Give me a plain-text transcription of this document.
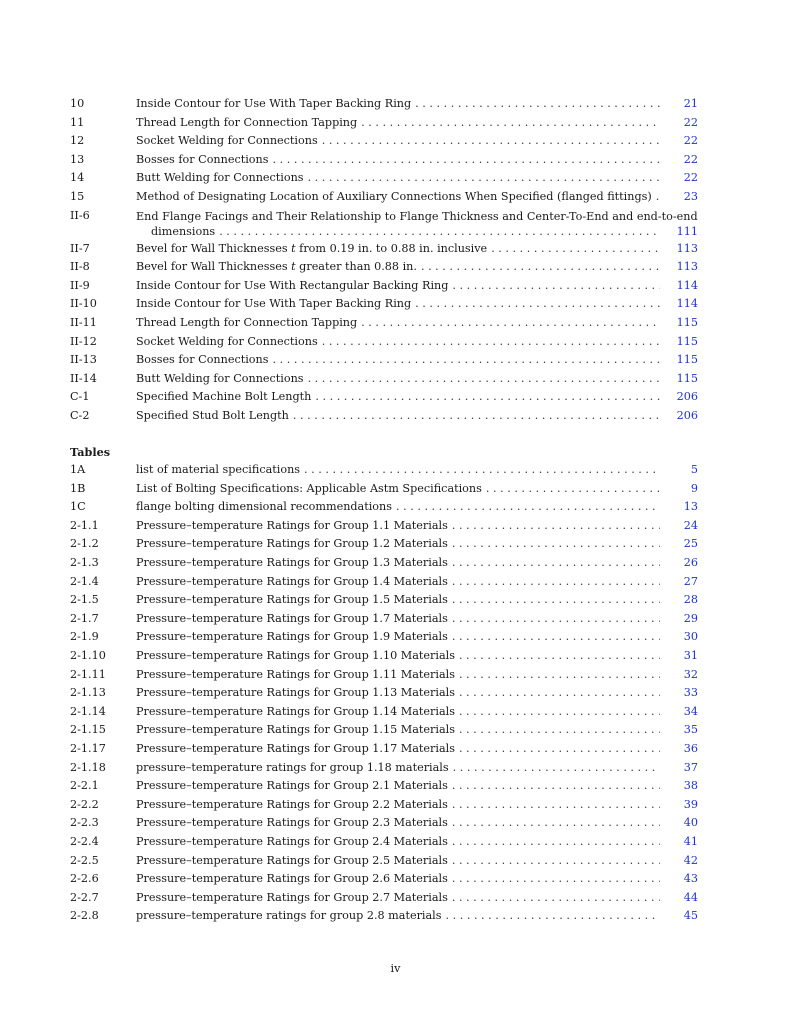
10	Inside Contour for Use With Taper Backing Ring . . .	21
11	Thread Length for Connection Tapping . . .	22
12	Socket Welding for Connections . . .	22
13	Bosses for Connections . . .	22
14	Butt Welding for Connections . . .	22
15	Method of Designating Location of Auxiliary Connections When Specified (flanged fittings) . . .	23
II-6	End Flange Facings and Their Relationship to Flange Thickness and Center-To-End and end-to-end
dimensions . . .	111
II-7	Bevel for Wall Thicknesses t from 0.19 in. to 0.88 in. inclusive . . .	113
II-8	Bevel for Wall Thicknesses t greater than 0.88 in. . . .	113
II-9	Inside Contour for Use With Rectangular Backing Ring . . .	114
II-10	Inside Contour for Use With Taper Backing Ring . . .	114
II-11	Thread Length for Connection Tapping . . .	115
II-12	Socket Welding for Connections . . .	115
II-13	Bosses for Connections . . .	115
II-14	Butt Welding for Connections . . .	115
C-1	Specified Machine Bolt Length . . .	206
C-2	Specified Stud Bolt Length . . .	206
Tables
1A	list of material specifications . . .	5
1B	List of Bolting Specifications: Applicable Astm Specifications . . .	9
1C	flange bolting dimensional recommendations . . .	13
2-1.1	Pressure–temperature Ratings for Group 1.1 Materials . . .	24
2-1.2	Pressure–temperature Ratings for Group 1.2 Materials . . .	25
2-1.3	Pressure–temperature Ratings for Group 1.3 Materials . . .	26
2-1.4	Pressure–temperature Ratings for Group 1.4 Materials . . .	27
2-1.5	Pressure–temperature Ratings for Group 1.5 Materials . . .	28
2-1.7	Pressure–temperature Ratings for Group 1.7 Materials . . .	29
2-1.9	Pressure–temperature Ratings for Group 1.9 Materials . . .	30
2-1.10	Pressure–temperature Ratings for Group 1.10 Materials . . .	31
2-1.11	Pressure–temperature Ratings for Group 1.11 Materials . . .	32
2-1.13	Pressure–temperature Ratings for Group 1.13 Materials . . .	33
2-1.14	Pressure–temperature Ratings for Group 1.14 Materials . . .	34
2-1.15	Pressure–temperature Ratings for Group 1.15 Materials . . .	35
2-1.17	Pressure–temperature Ratings for Group 1.17 Materials . . .	36
2-1.18	pressure–temperature ratings for group 1.18 materials . . .	37
2-2.1	Pressure–temperature Ratings for Group 2.1 Materials . . .	38
2-2.2	Pressure–temperature Ratings for Group 2.2 Materials . . .	39
2-2.3	Pressure–temperature Ratings for Group 2.3 Materials . . .	40
2-2.4	Pressure–temperature Ratings for Group 2.4 Materials . . .	41
2-2.5	Pressure–temperature Ratings for Group 2.5 Materials . . .	42
2-2.6	Pressure–temperature Ratings for Group 2.6 Materials . . .	43
2-2.7	Pressure–temperature Ratings for Group 2.7 Materials . . .	44
2-2.8	pressure–temperature ratings for group 2.8 materials . . .	45
iv
